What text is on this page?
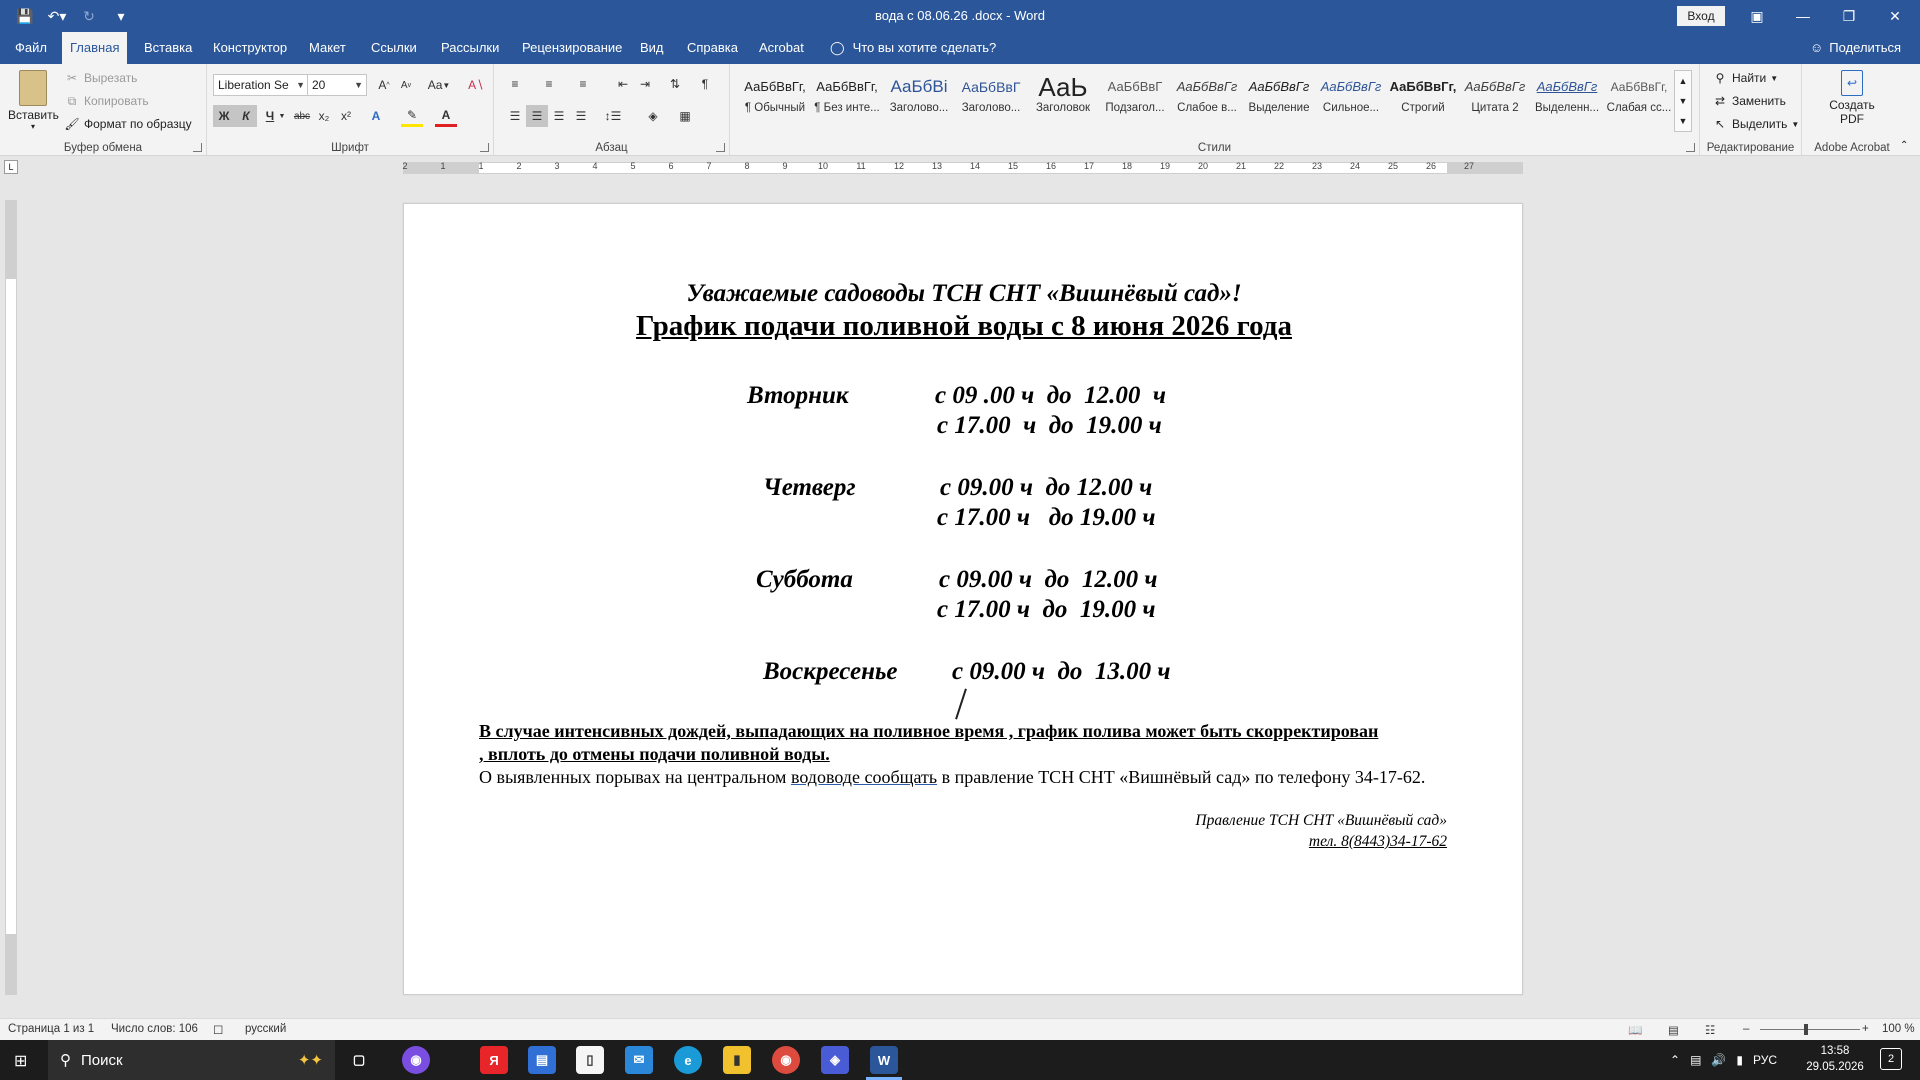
💾 ↶▾	↻	▾	вода с 08.06.26 .docx - Word	Вход	▣	—	❐	✕
Файл	Главная	Вставка	Конструктор	Макет	Ссылки	Рассылки	Рецензирование	Вид	Справка	Acrobat	◯ Что вы хотите сделать?	☺ Поделиться
Вставить
▾
✂ Вырезать
⧉ Копировать
🖌 Формат по образцу
Буфер обмена
Liberation Se ▼ 20	▼ A ^ A v Aa ▼ A∖
Ж К Ч ▼ abc x₂ x² A ✎ A
Шрифт
≡ ≡ ≡	⇤ ⇥ ⇅ ¶
☰ ☰ ☰ ☰ ↕☰ ◈ ▦
Абзац
АаБбВвГг,
¶ Обычный
АаБбВвГг,
¶ Без инте...
АаБбВі
Заголово...
АаБбВвГ
Заголово...
АаЬ
Заголовок
АаБбВвГ
Подзагол...
АаБбВвГг
Слабое в...
АаБбВвГг
Выделение
АаБбВвГг
Сильное...
АаБбВвГг,
Строгий
АаБбВвГг
Цитата 2
АаБбВвГг
Выделенн...
АаБбВвГг,
Слабая сс...
▲
▼
▼
Стили
⚲ Найти ▼
⇄ Заменить
↖ Выделить ▼
Редактирование
↩
Создать
PDF
Adobe Acrobat	⌃
L	2	1	1	2	3	4	5	6	7	8	9	10	11	12	13	14	15	16	17	18	19	20	21	22	23	24	25	26	27
Уважаемые садоводы ТСН СНТ «Вишнёвый сад»!
График подачи поливной воды с 8 июня 2026 года
Вторник	с 09 .00 ч  до  12.00  ч
с 17.00  ч  до  19.00 ч
Четверг	с 09.00 ч  до 12.00 ч
с 17.00 ч   до 19.00 ч
Суббота	с 09.00 ч  до  12.00 ч
с 17.00 ч  до  19.00 ч
Воскресенье с 09.00 ч  до  13.00 ч
В случае интенсивных дождей, выпадающих на поливное время , график полива может быть скорректирован , вплоть до отмены подачи поливной воды.
О выявленных порывах на центральном водоводе сообщать в правление ТСН СНТ «Вишнёвый сад» по телефону 34-17-62.
Правление ТСН СНТ «Вишнёвый сад»
тел. 8(8443)34-17-62
Страница 1 из 1 Число слов: 106 ☐ русский	📖 ▤ ☷ –	+ 100 %
⊞ ⚲ Поиск	✦✦	▢	◉	Я	▤	▯	✉	e	▮	◉	◈	W	⌃ ▤ 🔊 ▮ РУС
13:58
29.05.2026
2
